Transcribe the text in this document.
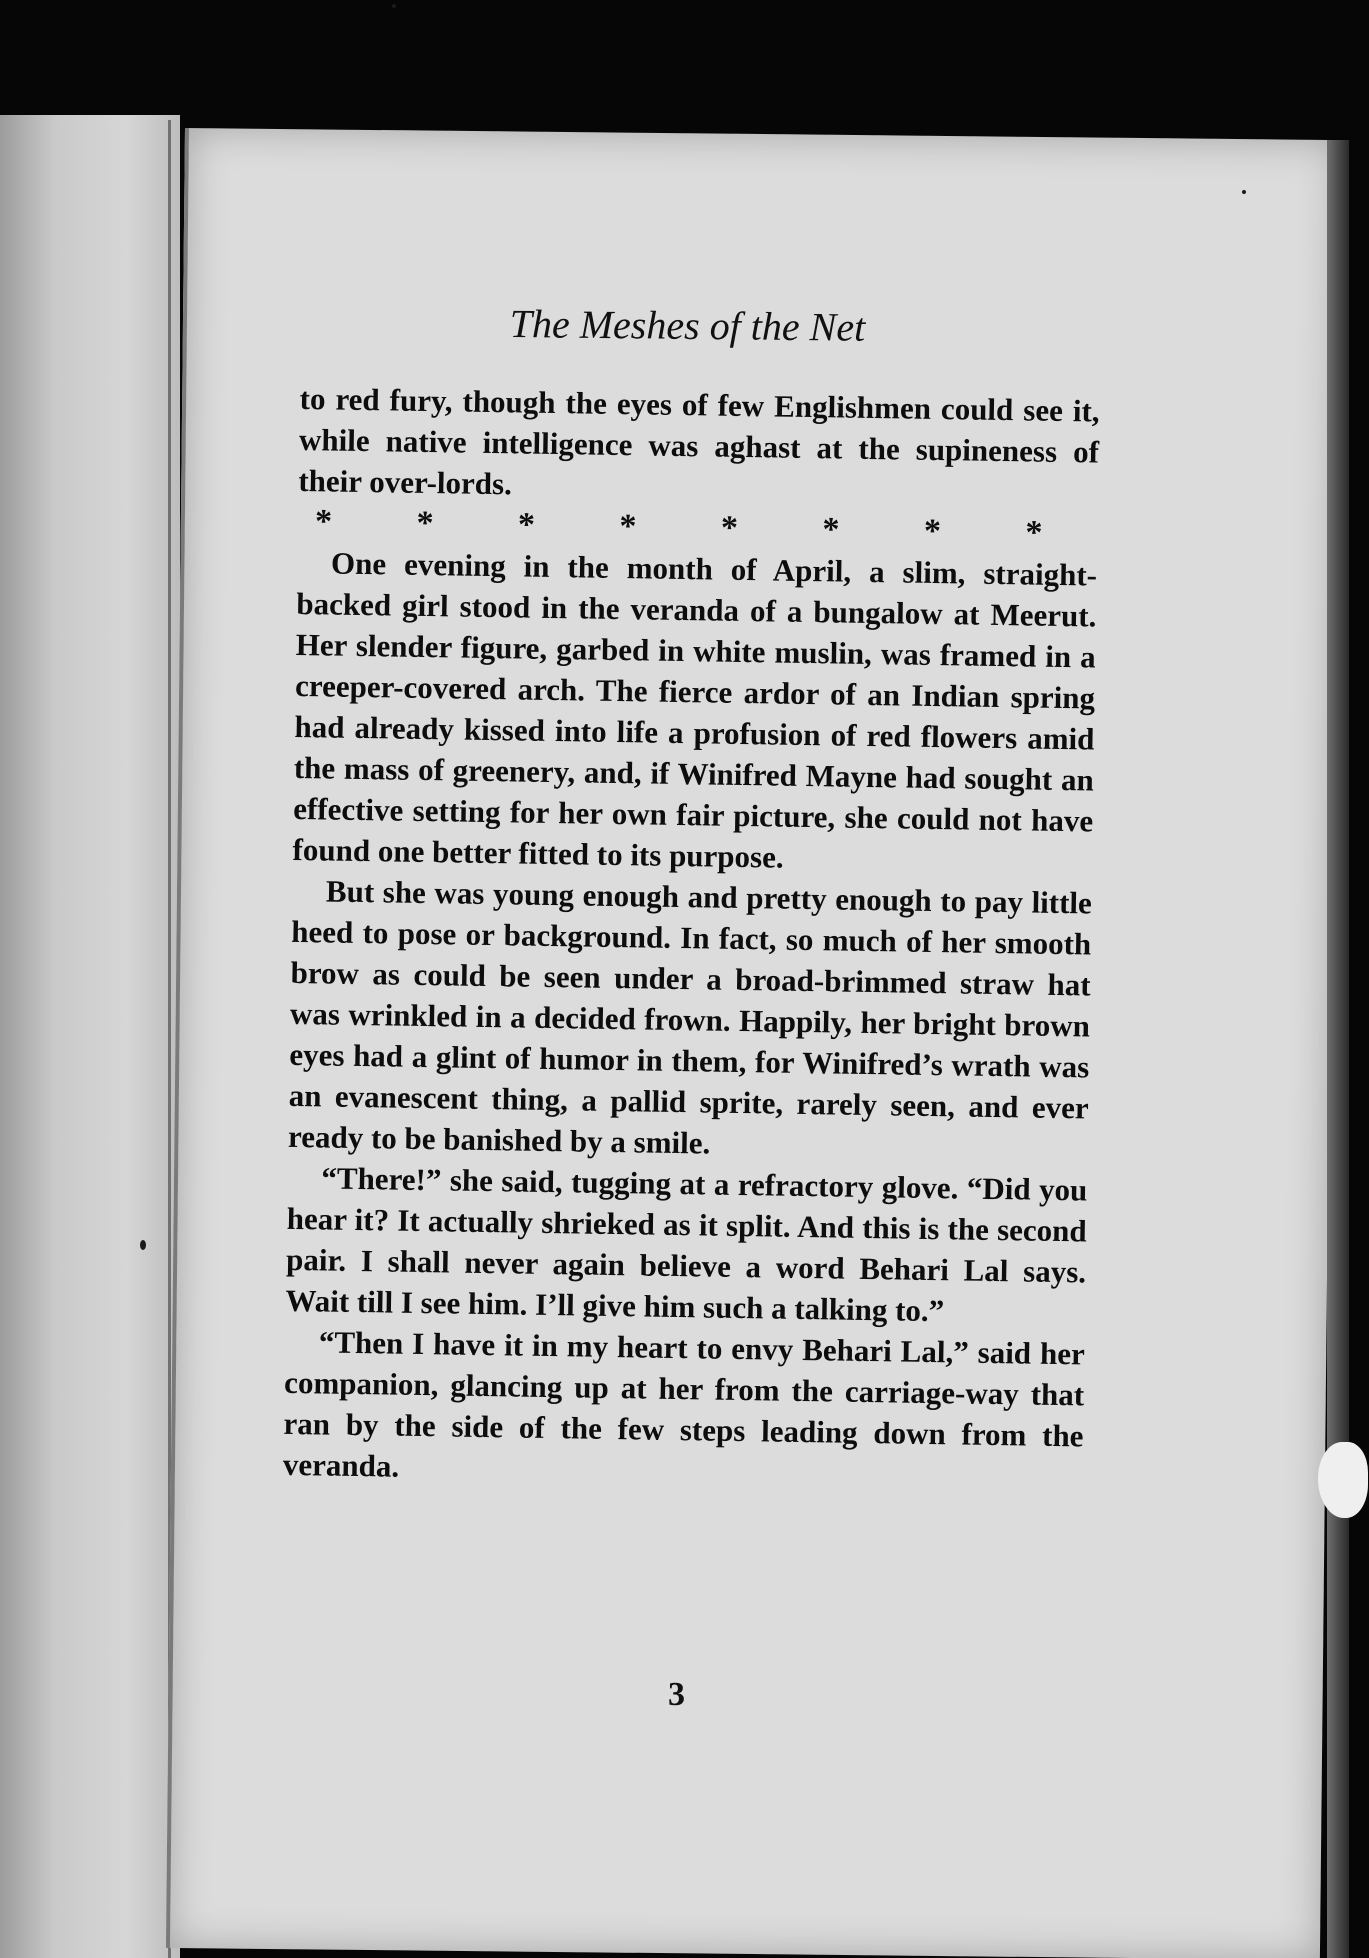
The Meshes of the Net

to red fury, though the eyes of few Englishmen could see it, while native intelligence was aghast at the supineness of their over-lords.

* * * * * * * *

One evening in the month of April, a slim, straight-backed girl stood in the veranda of a bungalow at Meerut. Her slender figure, garbed in white muslin, was framed in a creeper-covered arch. The fierce ardor of an Indian spring had already kissed into life a profusion of red flowers amid the mass of greenery, and, if Winifred Mayne had sought an effective setting for her own fair picture, she could not have found one better fitted to its purpose.

But she was young enough and pretty enough to pay little heed to pose or background. In fact, so much of her smooth brow as could be seen under a broad-brimmed straw hat was wrinkled in a decided frown. Happily, her bright brown eyes had a glint of humor in them, for Winifred’s wrath was an evanescent thing, a pallid sprite, rarely seen, and ever ready to be banished by a smile.

“There!” she said, tugging at a refractory glove. “Did you hear it? It actually shrieked as it split. And this is the second pair. I shall never again believe a word Behari Lal says. Wait till I see him. I’ll give him such a talking to.”

“Then I have it in my heart to envy Behari Lal,” said her companion, glancing up at her from the carriage-way that ran by the side of the few steps leading down from the veranda.

3
